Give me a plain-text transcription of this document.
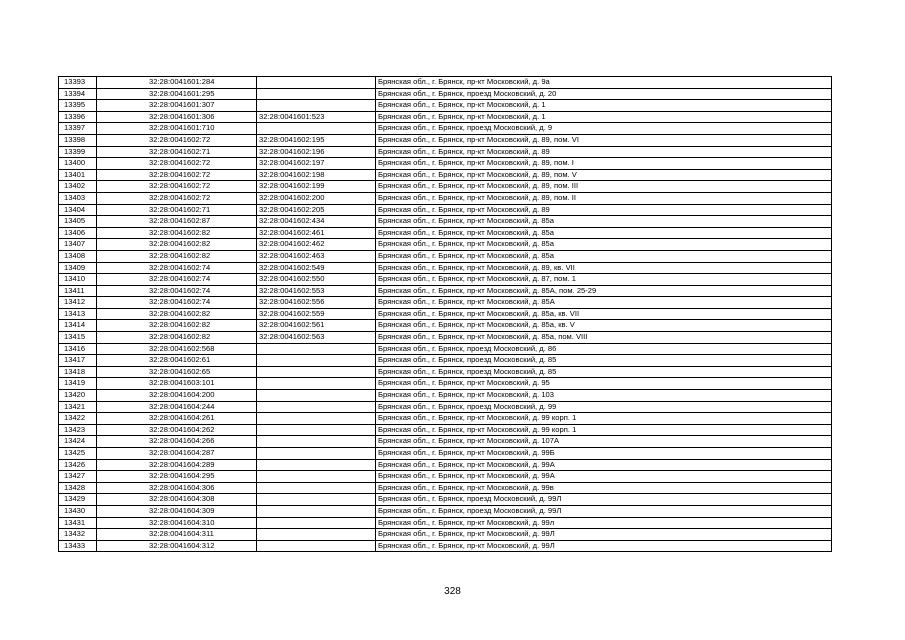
13393	32:28:0041601:284		Брянская обл., г. Брянск, пр-кт Московский, д. 9а
13394	32:28:0041601:295		Брянская обл., г. Брянск, проезд Московский, д. 20
13395	32:28:0041601:307		Брянская обл., г. Брянск, пр-кт Московский, д. 1
13396	32:28:0041601:306	32:28:0041601:523	Брянская обл., г. Брянск, пр-кт Московский, д. 1
13397	32:28:0041601:710		Брянская обл., г. Брянск, проезд Московский, д. 9
13398	32:28:0041602:72	32:28:0041602:195	Брянская обл., г. Брянск, пр-кт Московский, д. 89, пом. VI
13399	32:28:0041602:71	32:28:0041602:196	Брянская обл., г. Брянск, пр-кт Московский, д. 89
13400	32:28:0041602:72	32:28:0041602:197	Брянская обл., г. Брянск, пр-кт Московский, д. 89, пом. I
13401	32:28:0041602:72	32:28:0041602:198	Брянская обл., г. Брянск, пр-кт Московский, д. 89, пом. V
13402	32:28:0041602:72	32:28:0041602:199	Брянская обл., г. Брянск, пр-кт Московский, д. 89, пом. III
13403	32:28:0041602:72	32:28:0041602:200	Брянская обл., г. Брянск, пр-кт Московский, д. 89, пом. II
13404	32:28:0041602:71	32:28:0041602:205	Брянская обл., г. Брянск, пр-кт Московский, д. 89
13405	32:28:0041602:87	32:28:0041602:434	Брянская обл., г. Брянск, пр-кт Московский, д. 85а
13406	32:28:0041602:82	32:28:0041602:461	Брянская обл., г. Брянск, пр-кт Московский, д. 85а
13407	32:28:0041602:82	32:28:0041602:462	Брянская обл., г. Брянск, пр-кт Московский, д. 85а
13408	32:28:0041602:82	32:28:0041602:463	Брянская обл., г. Брянск, пр-кт Московский, д. 85а
13409	32:28:0041602:74	32:28:0041602:549	Брянская обл., г. Брянск, пр-кт Московский, д. 89, кв. VII
13410	32:28:0041602:74	32:28:0041602:550	Брянская обл., г. Брянск, пр-кт Московский, д. 87, пом. 1
13411	32:28:0041602:74	32:28:0041602:553	Брянская обл., г. Брянск, пр-кт Московский, д. 85А, пом. 25-29
13412	32:28:0041602:74	32:28:0041602:556	Брянская обл., г. Брянск, пр-кт Московский, д. 85А
13413	32:28:0041602:82	32:28:0041602:559	Брянская обл., г. Брянск, пр-кт Московский, д. 85а, кв. VII
13414	32:28:0041602:82	32:28:0041602:561	Брянская обл., г. Брянск, пр-кт Московский, д. 85а, кв. V
13415	32:28:0041602:82	32:28:0041602:563	Брянская обл., г. Брянск, пр-кт Московский, д. 85а, пом. VIII
13416	32:28:0041602:568		Брянская обл., г. Брянск, проезд Московский, д. 86
13417	32:28:0041602:61		Брянская обл., г. Брянск, проезд Московский, д. 85
13418	32:28:0041602:65		Брянская обл., г. Брянск, проезд Московский, д. 85
13419	32:28:0041603:101		Брянская обл., г. Брянск, пр-кт Московский, д. 95
13420	32:28:0041604:200		Брянская обл., г. Брянск, пр-кт Московский, д. 103
13421	32:28:0041604:244		Брянская обл., г. Брянск, проезд Московский, д. 99
13422	32:28:0041604:261		Брянская обл., г. Брянск, пр-кт Московский, д. 99 корп. 1
13423	32:28:0041604:262		Брянская обл., г. Брянск, пр-кт Московский, д. 99 корп. 1
13424	32:28:0041604:266		Брянская обл., г. Брянск, пр-кт Московский, д. 107А
13425	32:28:0041604:287		Брянская обл., г. Брянск, пр-кт Московский, д. 99Б
13426	32:28:0041604:289		Брянская обл., г. Брянск, пр-кт Московский, д. 99А
13427	32:28:0041604:295		Брянская обл., г. Брянск, пр-кт Московский, д. 99А
13428	32:28:0041604:306		Брянская обл., г. Брянск, пр-кт Московский, д. 99в
13429	32:28:0041604:308		Брянская обл., г. Брянск, проезд Московский, д. 99Л
13430	32:28:0041604:309		Брянская обл., г. Брянск, проезд Московский, д. 99Л
13431	32:28:0041604:310		Брянская обл., г. Брянск, пр-кт Московский, д. 99л
13432	32:28:0041604:311		Брянская обл., г. Брянск, пр-кт Московский, д. 99Л
13433	32:28:0041604:312		Брянская обл., г. Брянск, пр-кт Московский, д. 99Л
328
